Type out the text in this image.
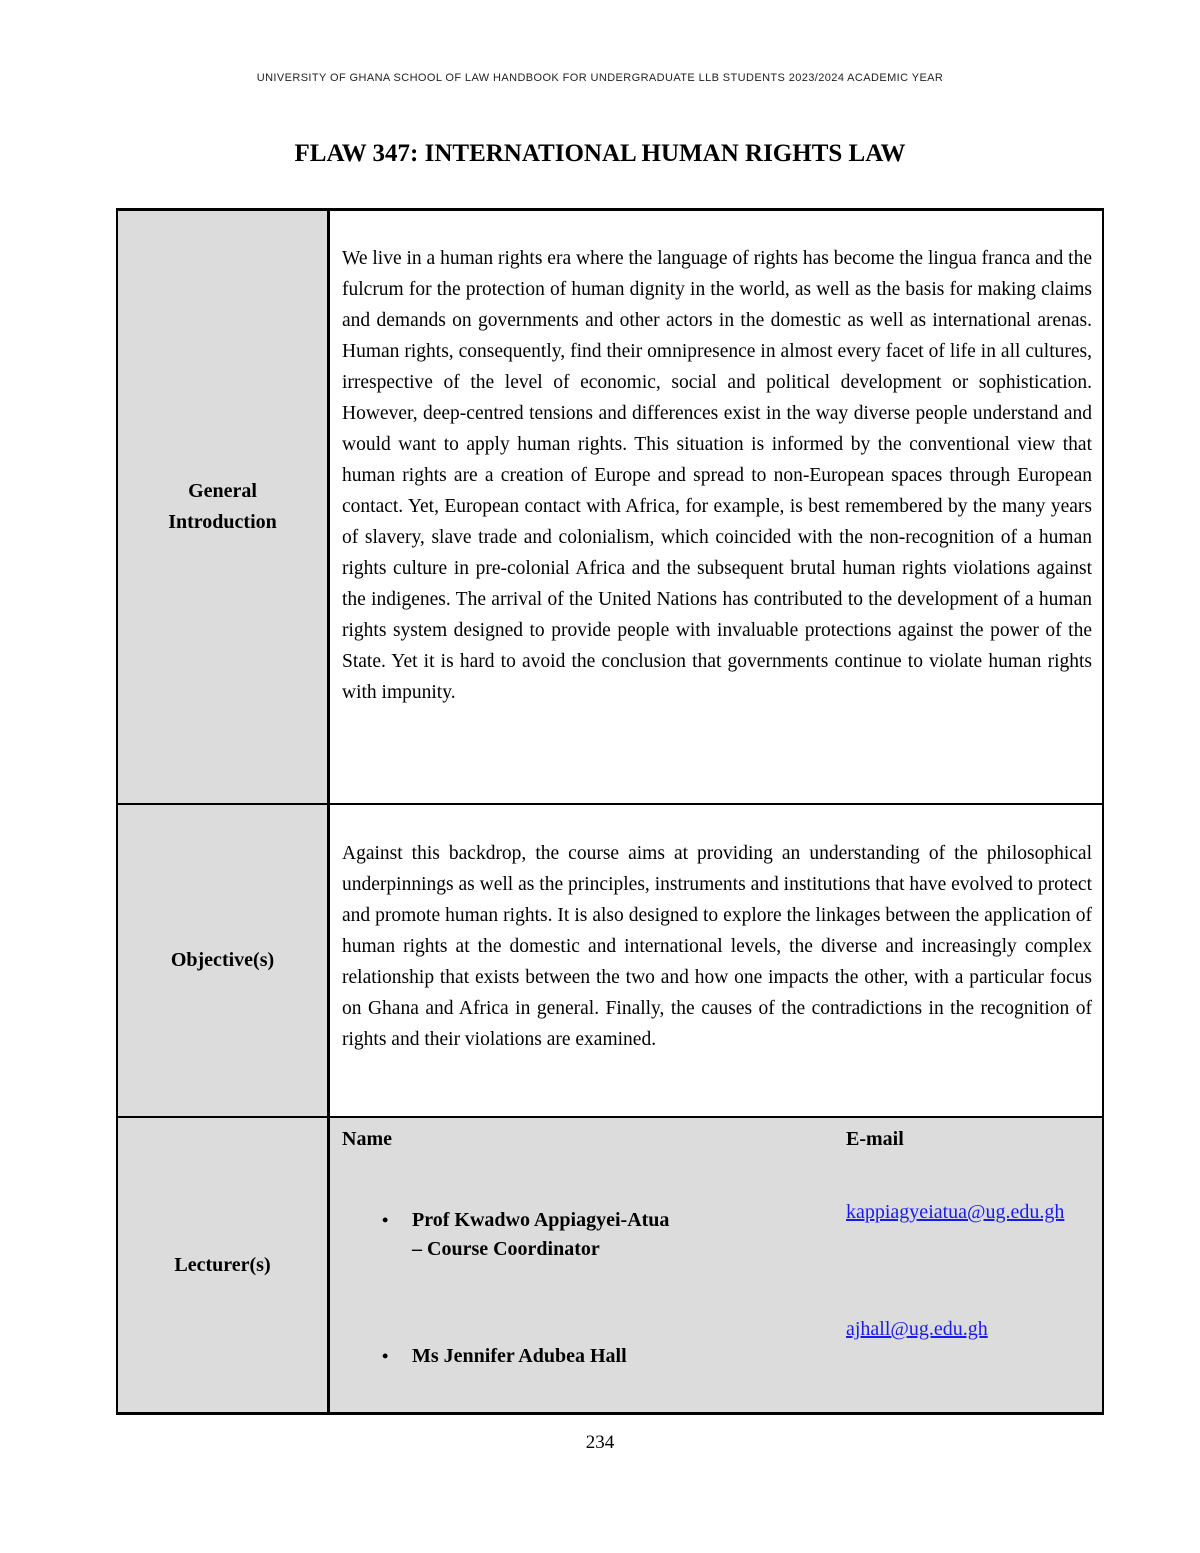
UNIVERSITY OF GHANA SCHOOL OF LAW HANDBOOK FOR UNDERGRADUATE LLB STUDENTS 2023/2024 ACADEMIC YEAR
FLAW 347: INTERNATIONAL HUMAN RIGHTS LAW
General Introduction
We live in a human rights era where the language of rights has become the lingua franca and the fulcrum for the protection of human dignity in the world, as well as the basis for making claims and demands on governments and other actors in the domestic as well as international arenas. Human rights, consequently, find their omnipresence in almost every facet of life in all cultures, irrespective of the level of economic, social and political development or sophistication. However, deep-centred tensions and differences exist in the way diverse people understand and would want to apply human rights. This situation is informed by the conventional view that human rights are a creation of Europe and spread to non-European spaces through European contact. Yet, European contact with Africa, for example, is best remembered by the many years of slavery, slave trade and colonialism, which coincided with the non-recognition of a human rights culture in pre-colonial Africa and the subsequent brutal human rights violations against the indigenes. The arrival of the United Nations has contributed to the development of a human rights system designed to provide people with invaluable protections against the power of the State. Yet it is hard to avoid the conclusion that governments continue to violate human rights with impunity.
Objective(s)
Against this backdrop, the course aims at providing an understanding of the philosophical underpinnings as well as the principles, instruments and institutions that have evolved to protect and promote human rights. It is also designed to explore the linkages between the application of human rights at the domestic and international levels, the diverse and increasingly complex relationship that exists between the two and how one impacts the other, with a particular focus on Ghana and Africa in general. Finally, the causes of the contradictions in the recognition of rights and their violations are examined.
Lecturer(s)
Name	E-mail
• Prof Kwadwo Appiagyei-Atua – Course Coordinator
kappiagyeiatua@ug.edu.gh
• Ms Jennifer Adubea Hall
ajhall@ug.edu.gh
234
